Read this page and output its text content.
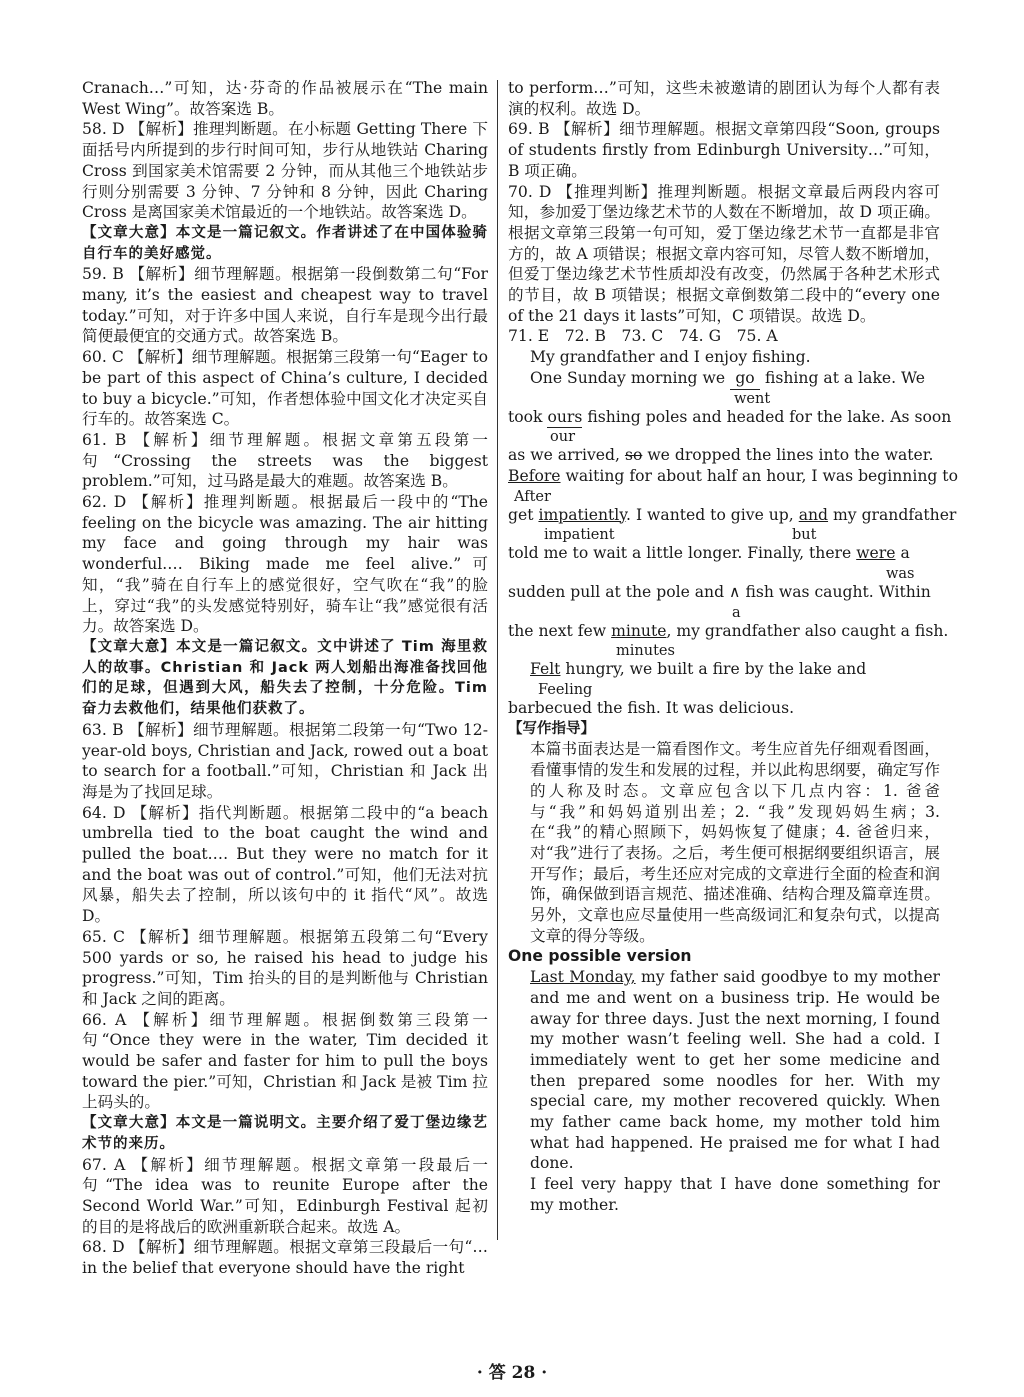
Cranach…”可知，达·芬奇的作品被展示在“The main West Wing”。故答案选 B。

58. D 【解析】推理判断题。在小标题 Getting There 下面括号内所提到的步行时间可知，步行从地铁站 Charing Cross 到国家美术馆需要 2 分钟，而从其他三个地铁站步行则分别需要 3 分钟、7 分钟和 8 分钟，因此 Charing Cross 是离国家美术馆最近的一个地铁站。故答案选 D。

【文章大意】本文是一篇记叙文。作者讲述了在中国体验骑自行车的美好感觉。

59. B 【解析】细节理解题。根据第一段倒数第二句“For many, it’s the easiest and cheapest way to travel today.”可知，对于许多中国人来说，自行车是现今出行最简便最便宜的交通方式。故答案选 B。

60. C 【解析】细节理解题。根据第三段第一句“Eager to be part of this aspect of China’s culture, I decided to buy a bicycle.”可知，作者想体验中国文化才决定买自行车的。故答案选 C。

61. B 【解析】细节理解题。根据文章第五段第一句“Crossing the streets was the biggest problem.”可知，过马路是最大的难题。故答案选 B。

62. D 【解析】推理判断题。根据最后一段中的“The feeling on the bicycle was amazing. The air hitting my face and going through my hair was wonderful.… Biking made me feel alive.”可知，“我”骑在自行车上的感觉很好，空气吹在“我”的脸上，穿过“我”的头发感觉特别好，骑车让“我”感觉很有活力。故答案选 D。

【文章大意】本文是一篇记叙文。文中讲述了 Tim 海里救人的故事。Christian 和 Jack 两人划船出海准备找回他们的足球，但遇到大风，船失去了控制，十分危险。Tim 奋力去救他们，结果他们获救了。

63. B 【解析】细节理解题。根据第二段第一句“Two 12-year-old boys, Christian and Jack, rowed out a boat to search for a football.”可知，Christian 和 Jack 出海是为了找回足球。

64. D 【解析】指代判断题。根据第二段中的“a beach umbrella tied to the boat caught the wind and pulled the boat.… But they were no match for it and the boat was out of control.”可知，他们无法对抗风暴，船失去了控制，所以该句中的 it 指代“风”。故选 D。

65. C 【解析】细节理解题。根据第五段第二句“Every 500 yards or so, he raised his head to judge his progress.”可知，Tim 抬头的目的是判断他与 Christian 和 Jack 之间的距离。

66. A 【解析】细节理解题。根据倒数第三段第一句“Once they were in the water, Tim decided it would be safer and faster for him to pull the boys toward the pier.”可知，Christian 和 Jack 是被 Tim 拉上码头的。

【文章大意】本文是一篇说明文。主要介绍了爱丁堡边缘艺术节的来历。

67. A 【解析】细节理解题。根据文章第一段最后一句“The idea was to reunite Europe after the Second World War.”可知，Edinburgh Festival 起初的目的是将战后的欧洲重新联合起来。故选 A。

68. D 【解析】细节理解题。根据文章第三段最后一句“… in the belief that everyone should have the right

to perform…”可知，这些未被邀请的剧团认为每个人都有表演的权利。故选 D。

69. B 【解析】细节理解题。根据文章第四段“Soon, groups of students firstly from Edinburgh University…”可知，B 项正确。

70. D 【推理判断】推理判断题。根据文章最后两段内容可知，参加爱丁堡边缘艺术节的人数在不断增加，故 D 项正确。根据文章第三段第一句可知，爱丁堡边缘艺术节一直都是非官方的，故 A 项错误；根据文章内容可知，尽管人数不断增加，但爱丁堡边缘艺术节性质却没有改变，仍然属于各种艺术形式的节目，故 B 项错误；根据文章倒数第二段中的“every one of the 21 days it lasts”可知，C 项错误。故选 D。

71. E　72. B　73. C　74. G　75. A

My grandfather and I enjoy fishing.
One Sunday morning we go fishing at a lake. We
went
took ours fishing poles and headed for the lake. As soon
our
as we arrived, so we dropped the lines into the water.
Before waiting for about half an hour, I was beginning to
After
get impatiently. I wanted to give up, and my grandfather
impatient	but
told me to wait a little longer. Finally, there were a
was
sudden pull at the pole and ∧ fish was caught. Within
a
the next few minute, my grandfather also caught a fish.
minutes
Felt hungry, we built a fire by the lake and
Feeling
barbecued the fish. It was delicious.

【写作指导】

本篇书面表达是一篇看图作文。考生应首先仔细观看图画，看懂事情的发生和发展的过程，并以此构思纲要，确定写作的人称及时态。文章应包含以下几点内容：1. 爸爸与“我”和妈妈道别出差；2. “我”发现妈妈生病；3. 在“我”的精心照顾下，妈妈恢复了健康；4. 爸爸归来，对“我”进行了表扬。之后，考生便可根据纲要组织语言，展开写作；最后，考生还应对完成的文章进行全面的检查和润饰，确保做到语言规范、描述准确、结构合理及篇章连贯。另外，文章也应尽量使用一些高级词汇和复杂句式，以提高文章的得分等级。

One possible version

Last Monday, my father said goodbye to my mother and me and went on a business trip. He would be away for three days. Just the next morning, I found my mother wasn’t feeling well. She had a cold. I immediately went to get her some medicine and then prepared some noodles for her. With my special care, my mother recovered quickly. When my father came back home, my mother told him what had happened. He praised me for what I had done.

I feel very happy that I have done something for my mother.

· 答 28 ·
